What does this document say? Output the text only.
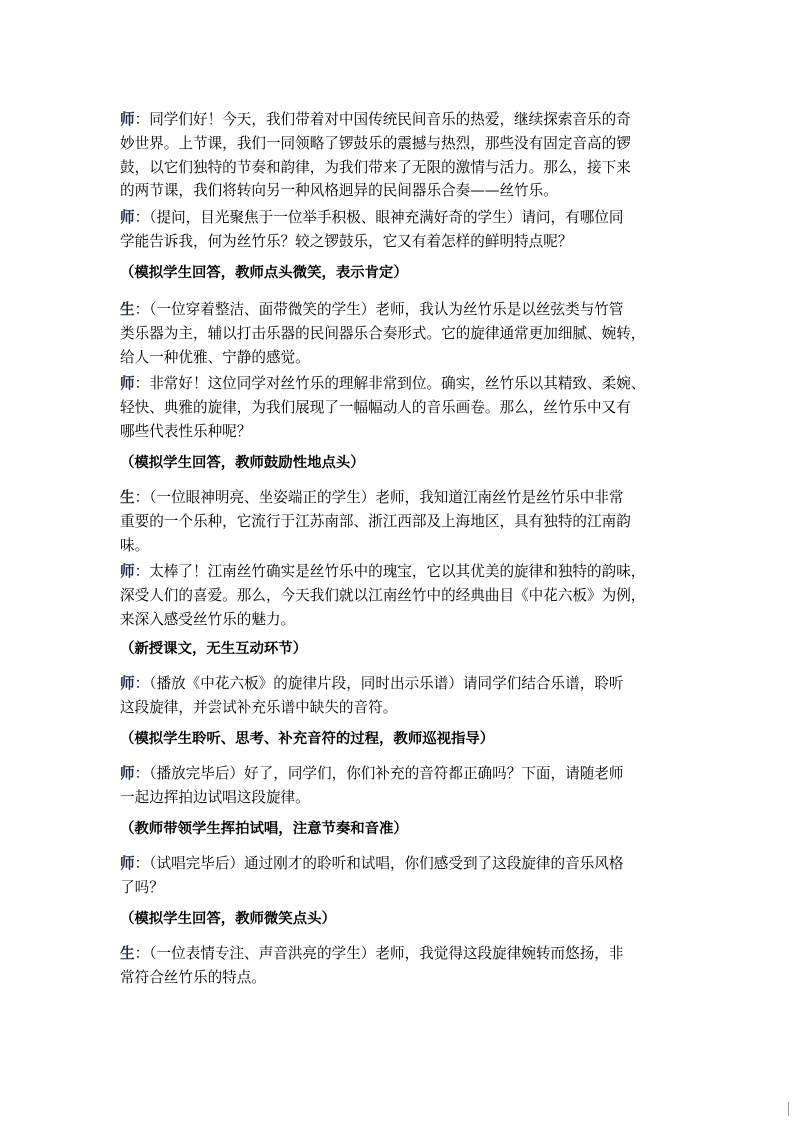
师：同学们好！今天，我们带着对中国传统民间音乐的热爱，继续探索音乐的奇
妙世界。上节课，我们一同领略了锣鼓乐的震撼与热烈，那些没有固定音高的锣
鼓，以它们独特的节奏和韵律，为我们带来了无限的激情与活力。那么，接下来
的两节课，我们将转向另一种风格迥异的民间器乐合奏——丝竹乐。
师：（提问，目光聚焦于一位举手积极、眼神充满好奇的学生）请问，有哪位同
学能告诉我，何为丝竹乐？较之锣鼓乐，它又有着怎样的鲜明特点呢？
（模拟学生回答，教师点头微笑，表示肯定）
生：（一位穿着整洁、面带微笑的学生）老师，我认为丝竹乐是以丝弦类与竹管
类乐器为主，辅以打击乐器的民间器乐合奏形式。它的旋律通常更加细腻、婉转，
给人一种优雅、宁静的感觉。
师：非常好！这位同学对丝竹乐的理解非常到位。确实，丝竹乐以其精致、柔婉、
轻快、典雅的旋律，为我们展现了一幅幅动人的音乐画卷。那么，丝竹乐中又有
哪些代表性乐种呢？
（模拟学生回答，教师鼓励性地点头）
生：（一位眼神明亮、坐姿端正的学生）老师，我知道江南丝竹是丝竹乐中非常
重要的一个乐种，它流行于江苏南部、浙江西部及上海地区，具有独特的江南韵
味。
师：太棒了！江南丝竹确实是丝竹乐中的瑰宝，它以其优美的旋律和独特的韵味，
深受人们的喜爱。那么，今天我们就以江南丝竹中的经典曲目《中花六板》为例，
来深入感受丝竹乐的魅力。
（新授课文，无生互动环节）
师：（播放《中花六板》的旋律片段，同时出示乐谱）请同学们结合乐谱，聆听
这段旋律，并尝试补充乐谱中缺失的音符。
（模拟学生聆听、思考、补充音符的过程，教师巡视指导）
师：（播放完毕后）好了，同学们，你们补充的音符都正确吗？下面，请随老师
一起边挥拍边试唱这段旋律。
（教师带领学生挥拍试唱，注意节奏和音准）
师：（试唱完毕后）通过刚才的聆听和试唱，你们感受到了这段旋律的音乐风格
了吗？
（模拟学生回答，教师微笑点头）
生：（一位表情专注、声音洪亮的学生）老师，我觉得这段旋律婉转而悠扬，非
常符合丝竹乐的特点。
